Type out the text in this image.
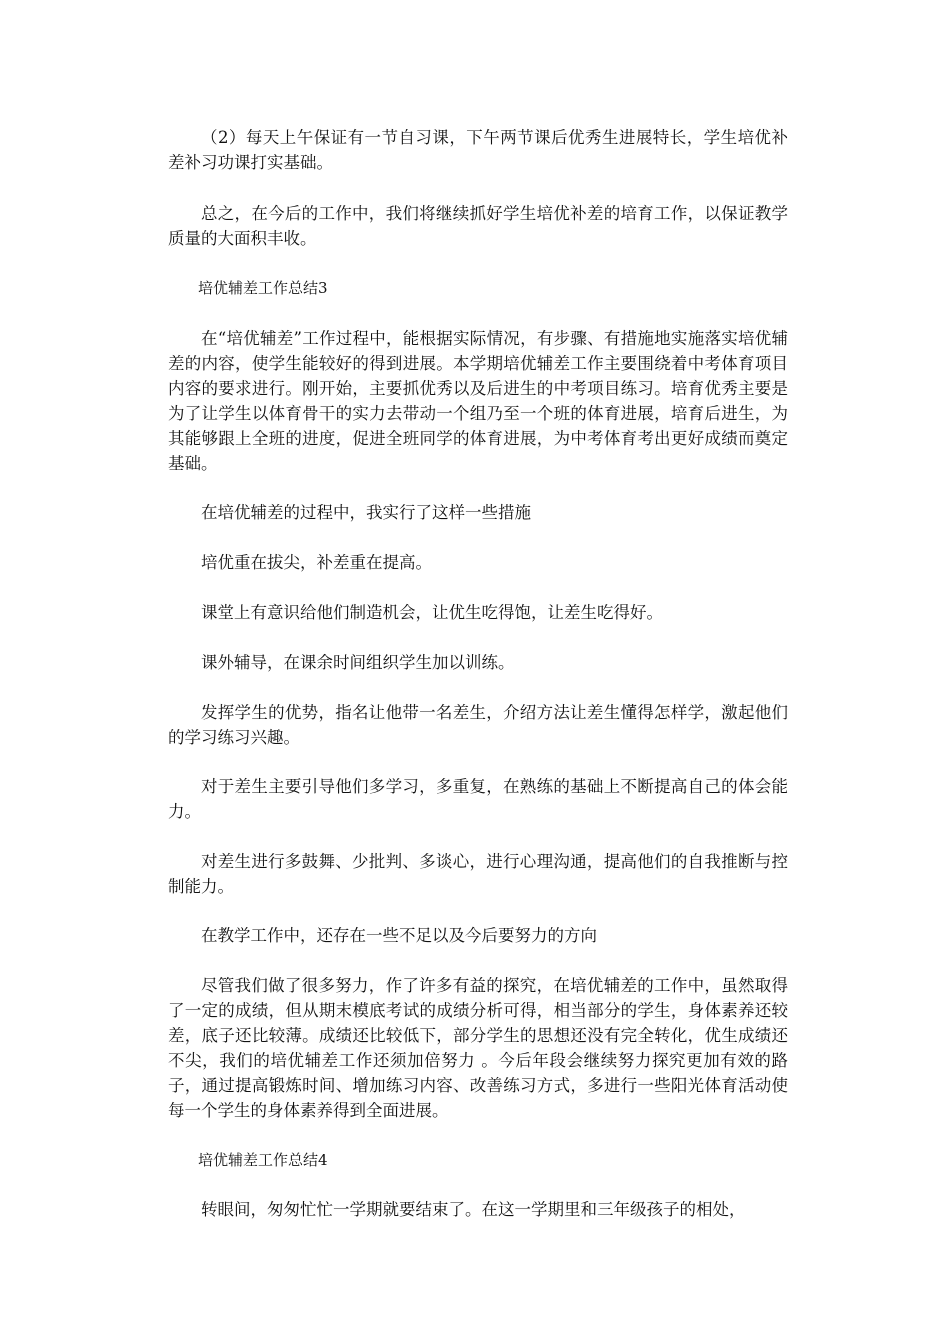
（2）每天上午保证有一节自习课，下午两节课后优秀生进展特长，学生培优补差补习功课打实基础。

总之，在今后的工作中，我们将继续抓好学生培优补差的培育工作，以保证教学质量的大面积丰收。

培优辅差工作总结3

在“培优辅差”工作过程中，能根据实际情况，有步骤、有措施地实施落实培优辅差的内容，使学生能较好的得到进展。本学期培优辅差工作主要围绕着中考体育项目内容的要求进行。刚开始，主要抓优秀以及后进生的中考项目练习。培育优秀主要是为了让学生以体育骨干的实力去带动一个组乃至一个班的体育进展，培育后进生，为其能够跟上全班的进度，促进全班同学的体育进展，为中考体育考出更好成绩而奠定基础。

在培优辅差的过程中，我实行了这样一些措施

培优重在拔尖，补差重在提高。

课堂上有意识给他们制造机会，让优生吃得饱，让差生吃得好。

课外辅导，在课余时间组织学生加以训练。

发挥学生的优势，指名让他带一名差生，介绍方法让差生懂得怎样学，激起他们的学习练习兴趣。

对于差生主要引导他们多学习，多重复，在熟练的基础上不断提高自己的体会能力。

对差生进行多鼓舞、少批判、多谈心，进行心理沟通，提高他们的自我推断与控制能力。

在教学工作中，还存在一些不足以及今后要努力的方向

尽管我们做了很多努力，作了许多有益的探究，在培优辅差的工作中，虽然取得了一定的成绩，但从期末模底考试的成绩分析可得，相当部分的学生，身体素养还较差，底子还比较薄。成绩还比较低下，部分学生的思想还没有完全转化，优生成绩还不尖，我们的培优辅差工作还须加倍努力 。今后年段会继续努力探究更加有效的路子，通过提高锻炼时间、增加练习内容、改善练习方式，多进行一些阳光体育活动使每一个学生的身体素养得到全面进展。

培优辅差工作总结4

转眼间，匆匆忙忙一学期就要结束了。在这一学期里和三年级孩子的相处，
